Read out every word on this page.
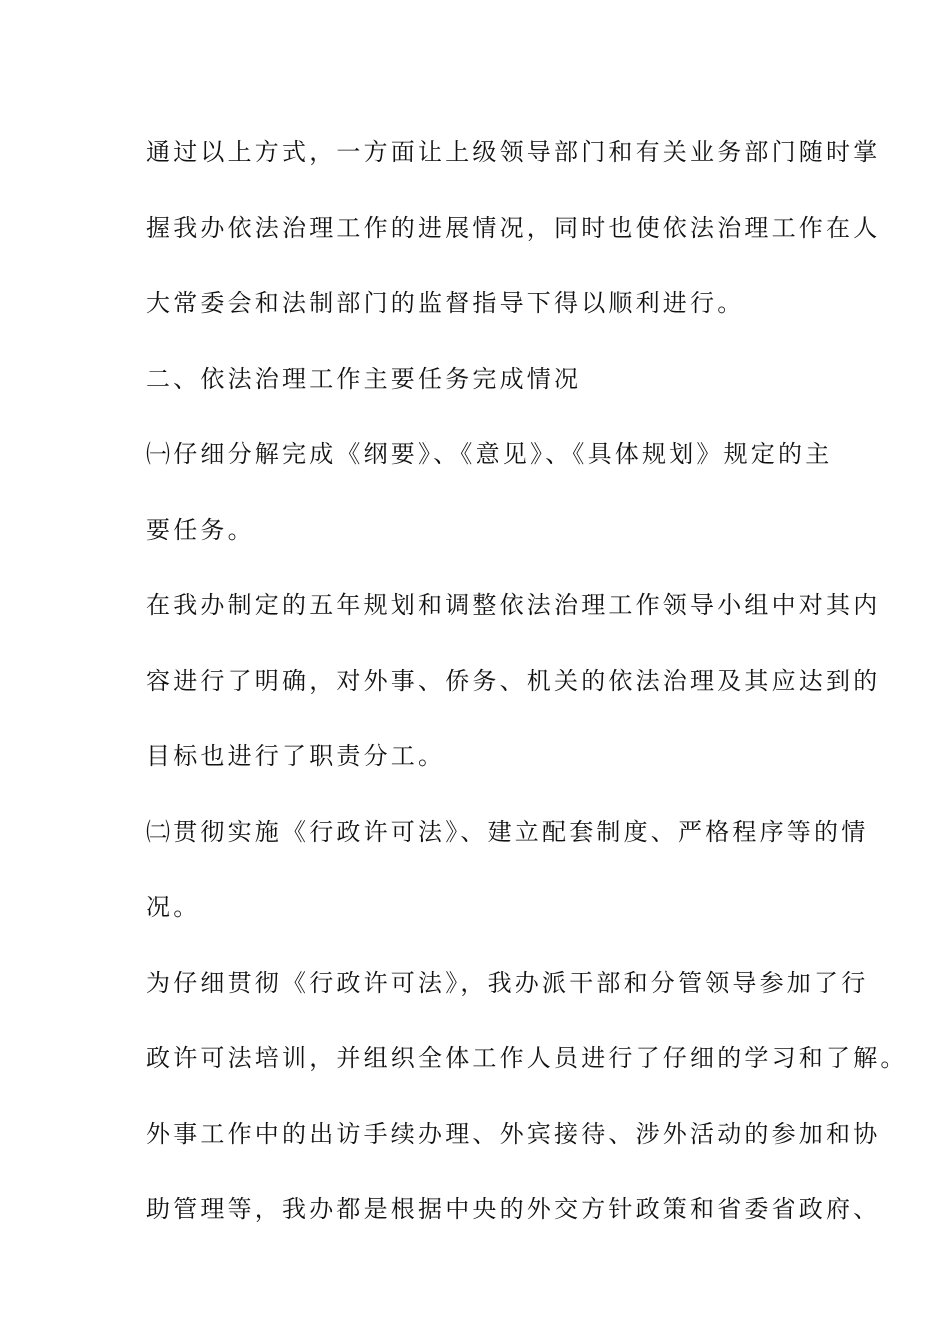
通过以上方式，一方面让上级领导部门和有关业务部门随时掌
握我办依法治理工作的进展情况，同时也使依法治理工作在人
大常委会和法制部门的监督指导下得以顺利进行。
二、依法治理工作主要任务完成情况
㈠仔细分解完成《纲要》、《意见》、《具体规划》规定的主
要任务。
在我办制定的五年规划和调整依法治理工作领导小组中对其内
容进行了明确，对外事、侨务、机关的依法治理及其应达到的
目标也进行了职责分工。
㈡贯彻实施《行政许可法》、建立配套制度、严格程序等的情
况。
为仔细贯彻《行政许可法》，我办派干部和分管领导参加了行
政许可法培训，并组织全体工作人员进行了仔细的学习和了解。
外事工作中的出访手续办理、外宾接待、涉外活动的参加和协
助管理等，我办都是根据中央的外交方针政策和省委省政府、
